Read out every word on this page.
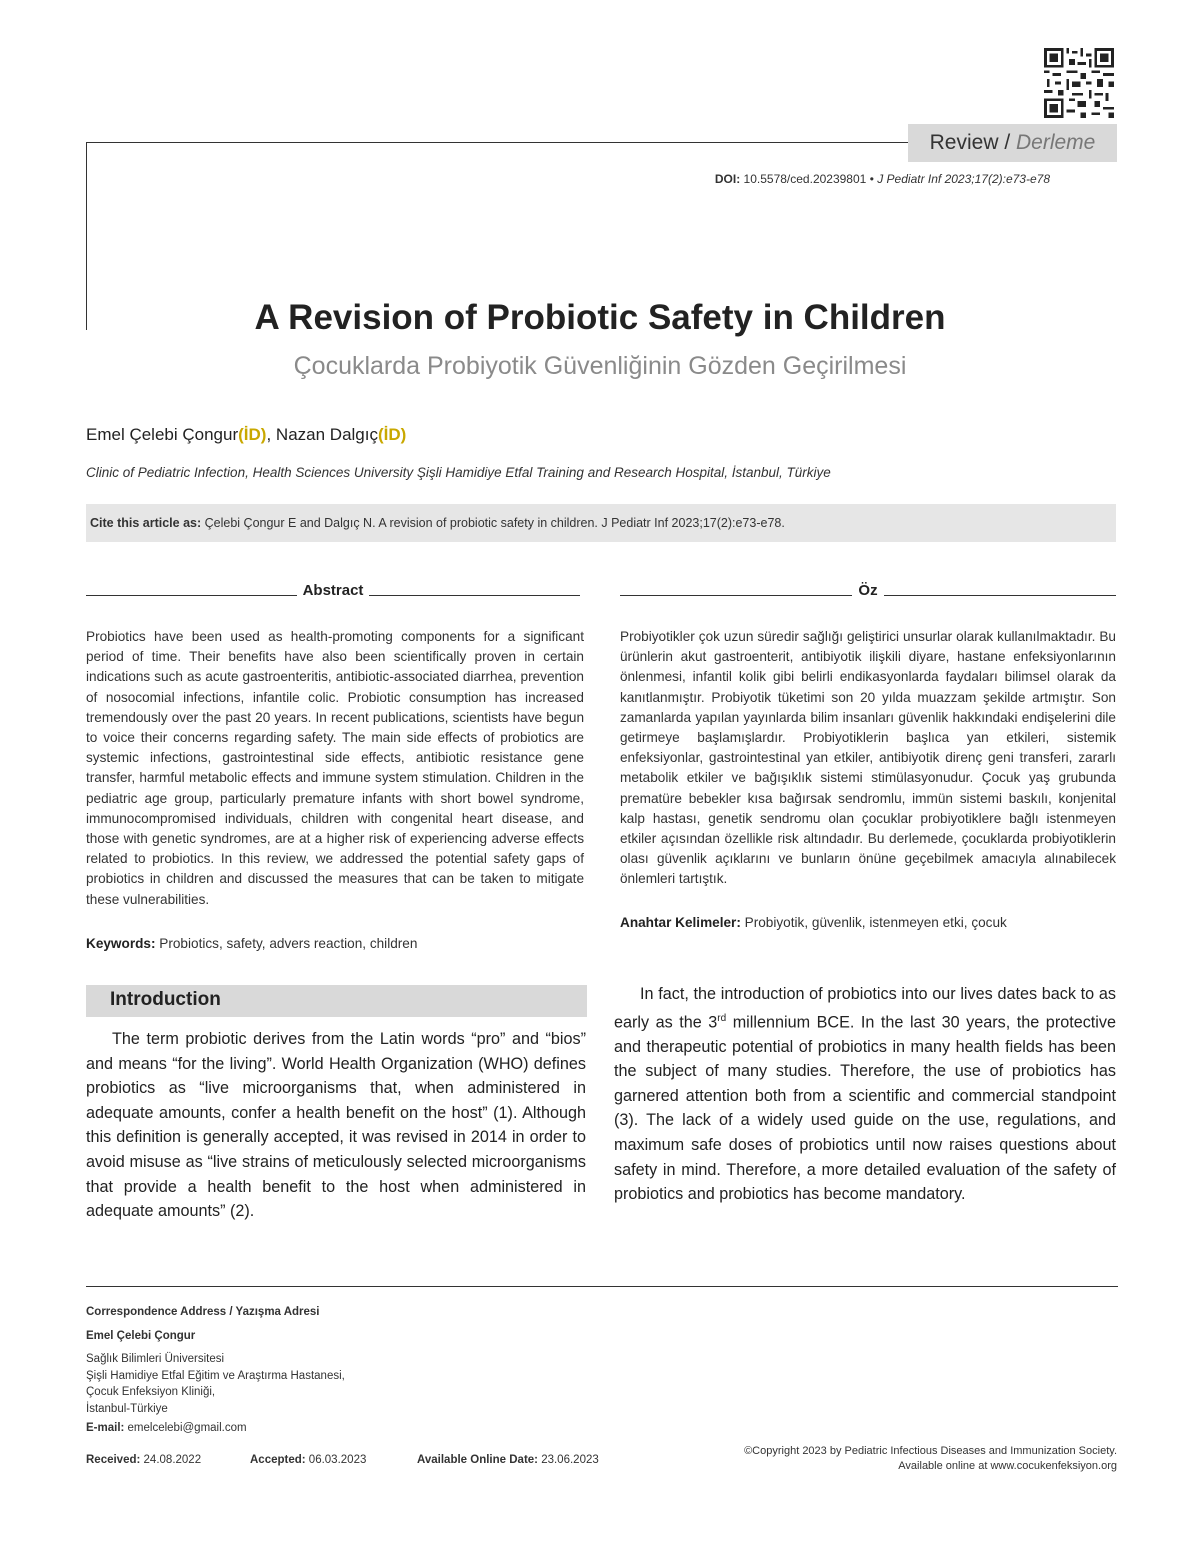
Review / Derleme
DOI: 10.5578/ced.20239801 • J Pediatr Inf 2023;17(2):e73-e78
A Revision of Probiotic Safety in Children
Çocuklarda Probiyotik Güvenliğinin Gözden Geçirilmesi
Emel Çelebi Çongur(İD), Nazan Dalgıç(İD)
Clinic of Pediatric Infection, Health Sciences University Şişli Hamidiye Etfal Training and Research Hospital, İstanbul, Türkiye
Cite this article as: Çelebi Çongur E and Dalgıç N. A revision of probiotic safety in children. J Pediatr Inf 2023;17(2):e73-e78.
Abstract	Öz
Probiotics have been used as health-promoting components for a significant period of time. Their benefits have also been scientifically proven in certain indications such as acute gastroenteritis, antibiotic-associated diarrhea, prevention of nosocomial infections, infantile colic. Probiotic consumption has increased tremendously over the past 20 years. In recent publications, scientists have begun to voice their concerns regarding safety. The main side effects of probiotics are systemic infections, gastrointestinal side effects, antibiotic resistance gene transfer, harmful metabolic effects and immune system stimulation. Children in the pediatric age group, particularly premature infants with short bowel syndrome, immunocompromised individuals, children with congenital heart disease, and those with genetic syndromes, are at a higher risk of experiencing adverse effects related to probiotics. In this review, we addressed the potential safety gaps of probiotics in children and discussed the measures that can be taken to mitigate these vulnerabilities.
Keywords: Probiotics, safety, advers reaction, children
Probiyotikler çok uzun süredir sağlığı geliştirici unsurlar olarak kullanılmaktadır. Bu ürünlerin akut gastroenterit, antibiyotik ilişkili diyare, hastane enfeksiyonlarının önlenmesi, infantil kolik gibi belirli endikasyonlarda faydaları bilimsel olarak da kanıtlanmıştır. Probiyotik tüketimi son 20 yılda muazzam şekilde artmıştır. Son zamanlarda yapılan yayınlarda bilim insanları güvenlik hakkındaki endişelerini dile getirmeye başlamışlardır. Probiyotiklerin başlıca yan etkileri, sistemik enfeksiyonlar, gastrointestinal yan etkiler, antibiyotik direnç geni transferi, zararlı metabolik etkiler ve bağışıklık sistemi stimülasyonudur. Çocuk yaş grubunda prematüre bebekler kısa bağırsak sendromlu, immün sistemi baskılı, konjenital kalp hastası, genetik sendromu olan çocuklar probiyotiklere bağlı istenmeyen etkiler açısından özellikle risk altındadır. Bu derlemede, çocuklarda probiyotiklerin olası güvenlik açıklarını ve bunların önüne geçebilmek amacıyla alınabilecek önlemleri tartıştık.
Anahtar Kelimeler: Probiyotik, güvenlik, istenmeyen etki, çocuk
Introduction

The term probiotic derives from the Latin words “pro” and “bios” and means “for the living”. World Health Organization (WHO) defines probiotics as “live microorganisms that, when administered in adequate amounts, confer a health benefit on the host” (1). Although this definition is generally accepted, it was revised in 2014 in order to avoid misuse as “live strains of meticulously selected microorganisms that provide a health benefit to the host when administered in adequate amounts” (2).

In fact, the introduction of probiotics into our lives dates back to as early as the 3rd millennium BCE. In the last 30 years, the protective and therapeutic potential of probiotics in many health fields has been the subject of many studies. Therefore, the use of probiotics has garnered attention both from a scientific and commercial standpoint (3). The lack of a widely used guide on the use, regulations, and maximum safe doses of probiotics until now raises questions about safety in mind. Therefore, a more detailed evaluation of the safety of probiotics and probiotics has become mandatory.

Correspondence Address / Yazışma Adresi
Emel Çelebi Çongur
Sağlık Bilimleri Üniversitesi
Şişli Hamidiye Etfal Eğitim ve Araştırma Hastanesi,
Çocuk Enfeksiyon Kliniği,
İstanbul-Türkiye
E-mail: emelcelebi@gmail.com
Received: 24.08.2022	Accepted: 06.03.2023	Available Online Date: 23.06.2023
©Copyright 2023 by Pediatric Infectious Diseases and Immunization Society.
Available online at www.cocukenfeksiyon.org
